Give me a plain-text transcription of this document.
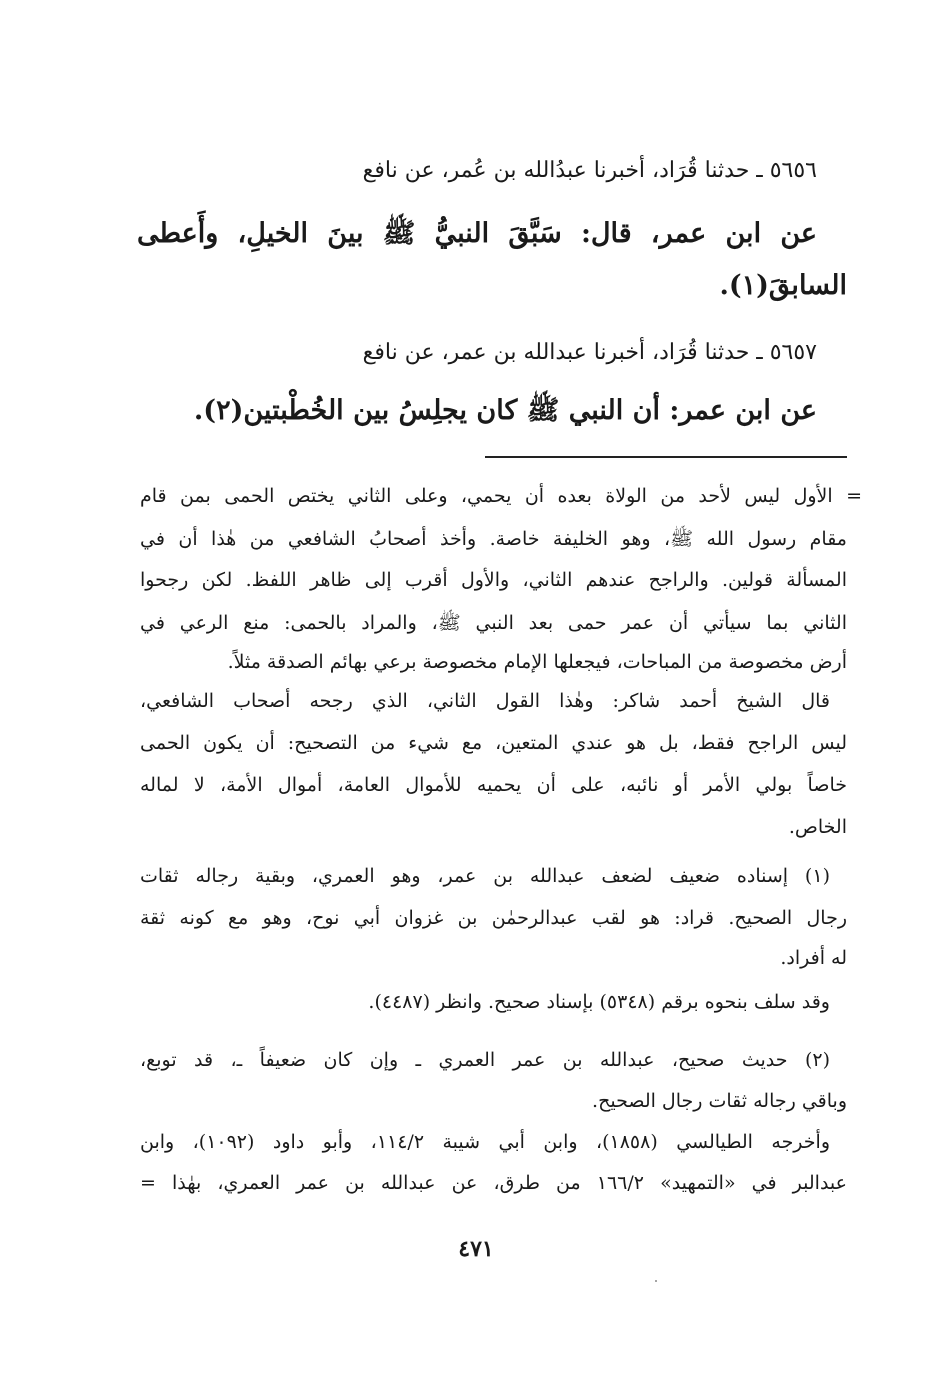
٥٦٥٦ ـ حدثنا قُرَاد، أخبرنا عبدُالله بن عُمر، عن نافع
عن ابن عمر، قال: سَبَّقَ النبيُّ ﷺ بينَ الخيلِ، وأَعطى
السابقَ(١).
٥٦٥٧ ـ حدثنا قُرَاد، أخبرنا عبدالله بن عمر، عن نافع
عن ابن عمر: أن النبي ﷺ كان يجلِسُ بين الخُطْبتين(٢).
= الأول ليس لأحد من الولاة بعده أن يحمي، وعلى الثاني يختص الحمى بمن قام
مقام رسول الله ﷺ، وهو الخليفة خاصة. وأخذ أصحابُ الشافعي من هٰذا أن في
المسألة قولين. والراجح عندهم الثاني، والأول أقرب إلى ظاهر اللفظ. لكن رجحوا
الثاني بما سيأتي أن عمر حمى بعد النبي ﷺ، والمراد بالحمى: منع الرعي في
أرض مخصوصة من المباحات، فيجعلها الإمام مخصوصة برعي بهائم الصدقة مثلاً.
قال الشيخ أحمد شاكر: وهٰذا القول الثاني، الذي رجحه أصحاب الشافعي،
ليس الراجح فقط، بل هو عندي المتعين، مع شيء من التصحيح: أن يكون الحمى
خاصاً بولي الأمر أو نائبه، على أن يحميه للأموال العامة، أموال الأمة، لا لماله
الخاص.
(١) إسناده ضعيف لضعف عبدالله بن عمر، وهو العمري، وبقية رجاله ثقات
رجال الصحيح. قراد: هو لقب عبدالرحمٰن بن غزوان أبي نوح، وهو مع كونه ثقة
له أفراد.
وقد سلف بنحوه برقم (٥٣٤٨) بإسناد صحيح. وانظر (٤٤٨٧).
(٢) حديث صحيح، عبدالله بن عمر العمري ـ وإن كان ضعيفاً ـ، قد توبع،
وباقي رجاله ثقات رجال الصحيح.
وأخرجه الطيالسي (١٨٥٨)، وابن أبي شيبة ١١٤/٢، وأبو داود (١٠٩٢)، وابن
عبدالبر في «التمهيد» ١٦٦/٢ من طرق، عن عبدالله بن عمر العمري، بهٰذا =
٤٧١
